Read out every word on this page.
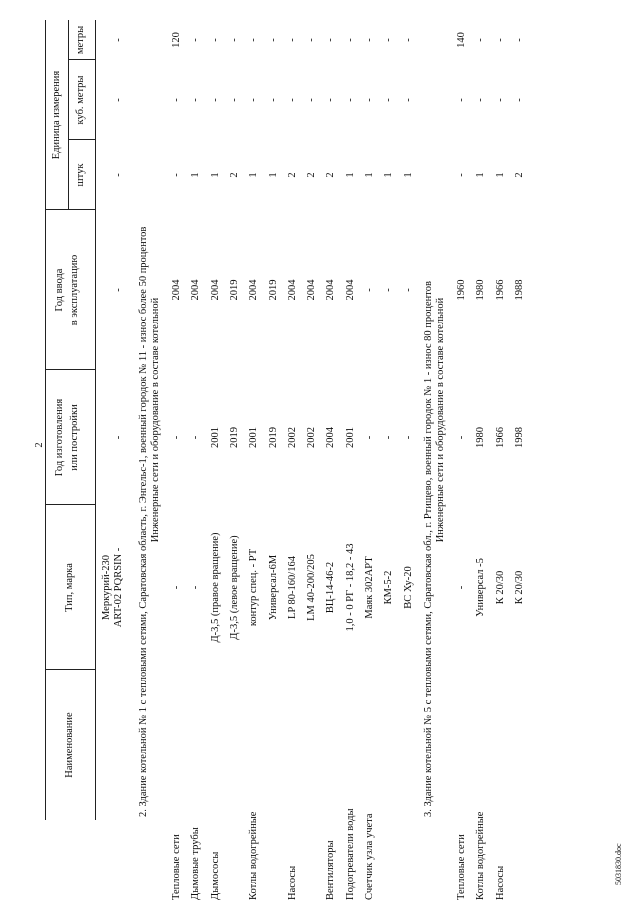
2
Наименование
Тип, марка
Год изготовления или постройки
Год ввода в эксплуатацию
Единица измерения
штук
куб. метры
метры
Меркурий-230 ART-02 PQRSIN -
-
-
-
-
-
2. Здание котельной № 1 с тепловыми сетями, Саратовская область, г. Энгельс-1, военный городок № 11 - износ более 50 процентов Инженерные сети и оборудование в составе котельной
Тепловые сети
-
-
2004
-
-
120
Дымовые трубы
-
-
2004
1
-
-
Дымососы
Д-3,5 (правое вращение)
2001
2004
1
-
-
Д-3,5 (левое вращение)
2019
2019
2
-
-
Котлы водогрейные
контур спец. - РТ
2001
2004
1
-
-
Универсал-6М
2019
2019
1
-
-
Насосы
LP 80-160/164
2002
2004
2
-
-
LM 40-200/205
2002
2004
2
-
-
Вентиляторы
ВЦ-14-46-2
2004
2004
2
-
-
Подогреватели воды
1,0 - 0 РГ - 18,2 - 43
2001
2004
1
-
-
Счетчик узла учета
Маяк 302АРТ
-
-
1
-
-
КМ-5-2
-
-
1
-
-
ВС Ху-20
-
-
1
-
-
3. Здание котельной № 5 с тепловыми сетями, Саратовская обл., г. Ртищево, военный городок № 1 - износ 80 процентов Инженерные сети и оборудование в составе котельной
Тепловые сети
-
-
1960
-
-
140
Котлы водогрейные
Универсал -5
1980
1980
1
-
-
Насосы
К 20/30
1966
1966
1
-
-
К 20/30
1998
1988
2
-
-
5031830.doc
